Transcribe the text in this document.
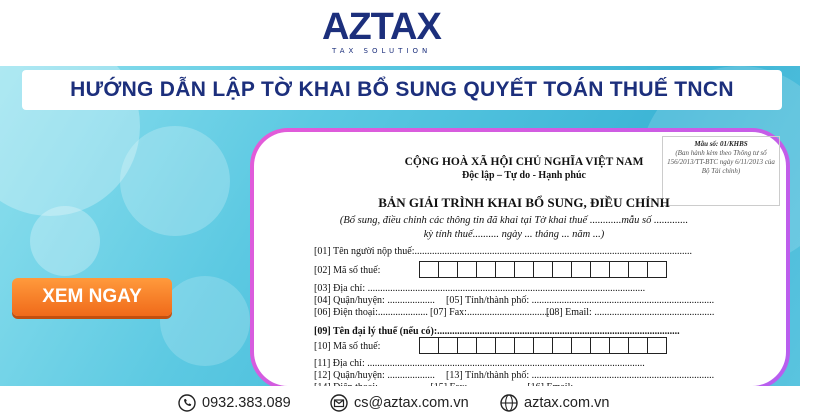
AZTAX
TAX SOLUTION
HƯỚNG DẪN LẬP TỜ KHAI BỔ SUNG QUYẾT TOÁN THUẾ TNCN
XEM NGAY
Mẫu số: 01/KHBS
(Ban hành kèm theo Thông tư số 156/2013/TT-BTC ngày 6/11/2013 của Bộ Tài chính)
CỘNG HOÀ XÃ HỘI CHỦ NGHĨA VIỆT NAM
Độc lập – Tự do - Hạnh phúc
BẢN GIẢI TRÌNH KHAI BỔ SUNG, ĐIỀU CHỈNH
(Bổ sung, điều chỉnh các thông tin đã khai tại Tờ khai thuế ............mẫu số .............
kỳ tính thuế.......... ngày ... tháng ... năm ...)
[01] Tên người nộp thuế:...............................................................................................................
[02] Mã số thuế:
[03] Địa chỉ: ...............................................................................................................
[04] Quận/huyện: ................... [05] Tỉnh/thành phố: .........................................................................
[06] Điện thoại:.................... [07] Fax:...................................
[08] Email: ................................................
[09] Tên đại lý thuế (nếu có):.................................................................................................
[10] Mã số thuế:
[11] Địa chỉ: ...............................................................................................................
[12] Quận/huyện: ................... [13] Tỉnh/thành phố: .........................................................................
0932.383.089	cs@aztax.com.vn	aztax.com.vn
